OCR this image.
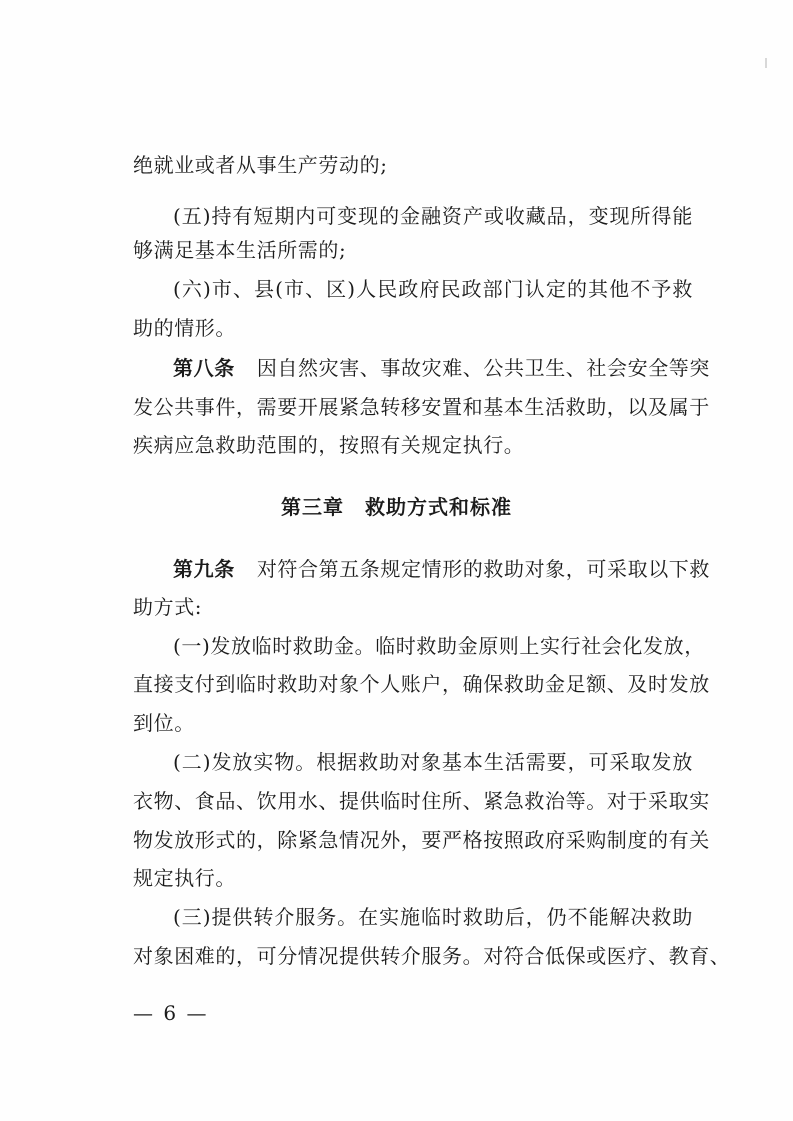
绝就业或者从事生产劳动的;
(五)持有短期内可变现的金融资产或收藏品，变现所得能
够满足基本生活所需的;
(六)市、县(市、区)人民政府民政部门认定的其他不予救
助的情形。
第八条 因自然灾害、事故灾难、公共卫生、社会安全等突
发公共事件，需要开展紧急转移安置和基本生活救助，以及属于
疾病应急救助范围的，按照有关规定执行。
第三章　救助方式和标准
第九条 对符合第五条规定情形的救助对象，可采取以下救
助方式:
(一)发放临时救助金。临时救助金原则上实行社会化发放，
直接支付到临时救助对象个人账户，确保救助金足额、及时发放
到位。
(二)发放实物。根据救助对象基本生活需要，可采取发放
衣物、食品、饮用水、提供临时住所、紧急救治等。对于采取实
物发放形式的，除紧急情况外，要严格按照政府采购制度的有关
规定执行。
(三)提供转介服务。在实施临时救助后，仍不能解决救助
对象困难的，可分情况提供转介服务。对符合低保或医疗、教育、
— 6 —
